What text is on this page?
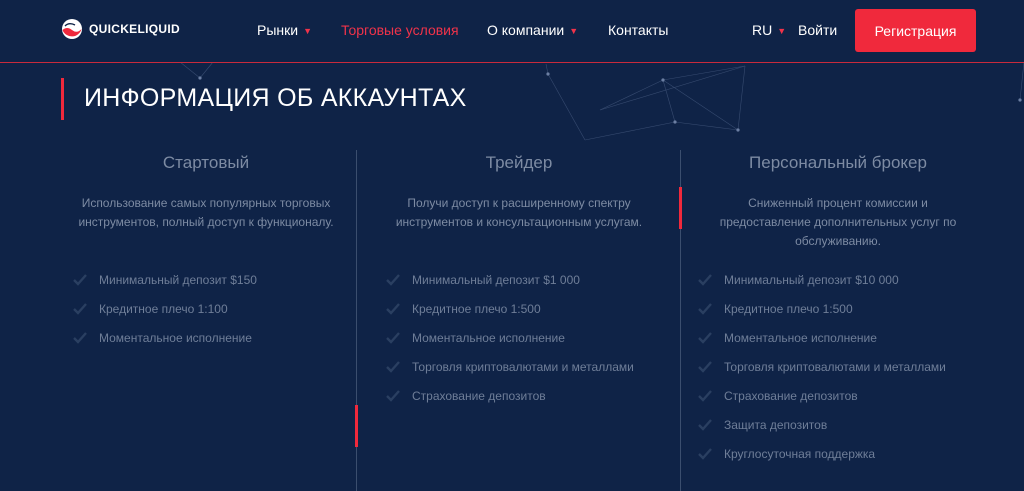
QUICKELIQUID	Рынки ▼ Торговые условия О компании ▼ Контакты	RU ▼ Войти	Регистрация
ИНФОРМАЦИЯ ОБ АККАУНТАХ
Стартовый
Использование самых популярных торговых
инструментов, полный доступ к функционалу.
Минимальный депозит $150
Кредитное плечо 1:100
Моментальное исполнение
Трейдер
Получи доступ к расширенному спектру
инструментов и консультационным услугам.
Минимальный депозит $1 000
Кредитное плечо 1:500
Моментальное исполнение
Торговля криптовалютами и металлами
Страхование депозитов
Персональный брокер
Сниженный процент комиссии и
предоставление дополнительных услуг по
обслуживанию.
Минимальный депозит $10 000
Кредитное плечо 1:500
Моментальное исполнение
Торговля криптовалютами и металлами
Страхование депозитов
Защита депозитов
Круглосуточная поддержка
